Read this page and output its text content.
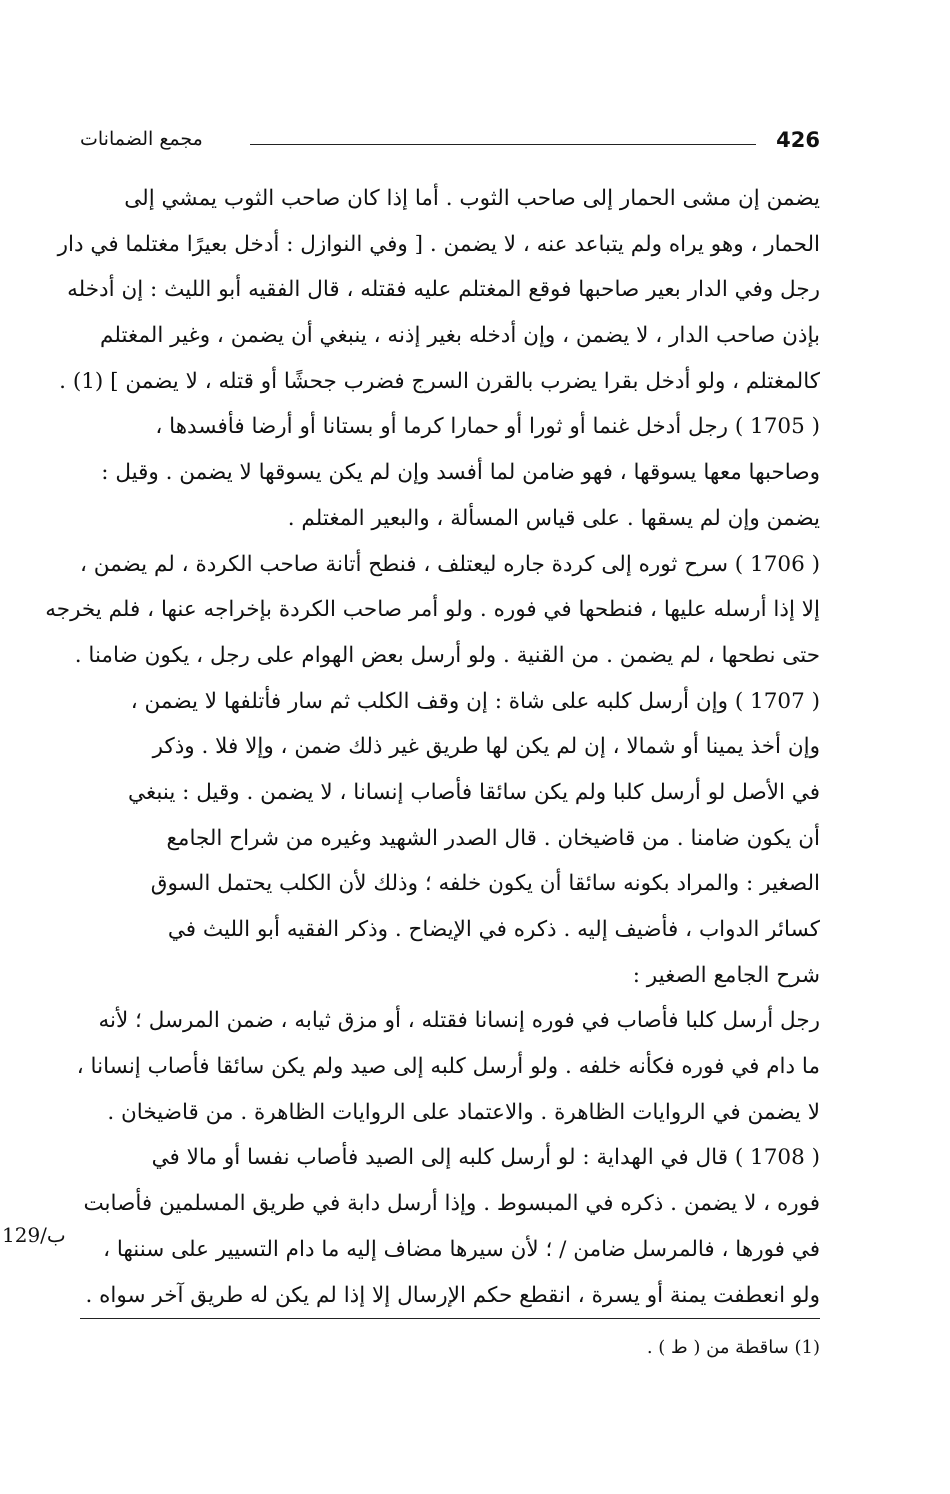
426
مجمع الضمانات
يضمن إن مشى الحمار إلى صاحب الثوب . أما إذا كان صاحب الثوب يمشي إلى
الحمار ، وهو يراه ولم يتباعد عنه ، لا يضمن . [ وفي النوازل : أدخل بعيرًا مغتلما في دار
رجل وفي الدار بعير صاحبها فوقع المغتلم عليه فقتله ، قال الفقيه أبو الليث : إن أدخله
بإذن صاحب الدار ، لا يضمن ، وإن أدخله بغير إذنه ، ينبغي أن يضمن ، وغير المغتلم
كالمغتلم ، ولو أدخل بقرا يضرب بالقرن السرج فضرب جحشًا أو قتله ، لا يضمن ] (1) .
( 1705 ) رجل أدخل غنما أو ثورا أو حمارا كرما أو بستانا أو أرضا فأفسدها ،
وصاحبها معها يسوقها ، فهو ضامن لما أفسد وإن لم يكن يسوقها لا يضمن . وقيل :
يضمن وإن لم يسقها . على قياس المسألة ، والبعير المغتلم .
( 1706 ) سرح ثوره إلى كردة جاره ليعتلف ، فنطح أتانة صاحب الكردة ، لم يضمن ،
إلا إذا أرسله عليها ، فنطحها في فوره . ولو أمر صاحب الكردة بإخراجه عنها ، فلم يخرجه
حتى نطحها ، لم يضمن . من القنية . ولو أرسل بعض الهوام على رجل ، يكون ضامنا .
( 1707 ) وإن أرسل كلبه على شاة : إن وقف الكلب ثم سار فأتلفها لا يضمن ،
وإن أخذ يمينا أو شمالا ، إن لم يكن لها طريق غير ذلك ضمن ، وإلا فلا . وذكر
في الأصل لو أرسل كلبا ولم يكن سائقا فأصاب إنسانا ، لا يضمن . وقيل : ينبغي
أن يكون ضامنا . من قاضيخان . قال الصدر الشهيد وغيره من شراح الجامع
الصغير : والمراد بكونه سائقا أن يكون خلفه ؛ وذلك لأن الكلب يحتمل السوق
كسائر الدواب ، فأضيف إليه . ذكره في الإيضاح . وذكر الفقيه أبو الليث في
شرح الجامع الصغير :
رجل أرسل كلبا فأصاب في فوره إنسانا فقتله ، أو مزق ثيابه ، ضمن المرسل ؛ لأنه
ما دام في فوره فكأنه خلفه . ولو أرسل كلبه إلى صيد ولم يكن سائقا فأصاب إنسانا ،
لا يضمن في الروايات الظاهرة . والاعتماد على الروايات الظاهرة . من قاضيخان .
( 1708 ) قال في الهداية : لو أرسل كلبه إلى الصيد فأصاب نفسا أو مالا في
فوره ، لا يضمن . ذكره في المبسوط . وإذا أرسل دابة في طريق المسلمين فأصابت
في فورها ، فالمرسل ضامن / ؛ لأن سيرها مضاف إليه ما دام التسيير على سننها ،
ولو انعطفت يمنة أو يسرة ، انقطع حكم الإرسال إلا إذا لم يكن له طريق آخر سواه .
129/ب
(1) ساقطة من ( ط ) .
